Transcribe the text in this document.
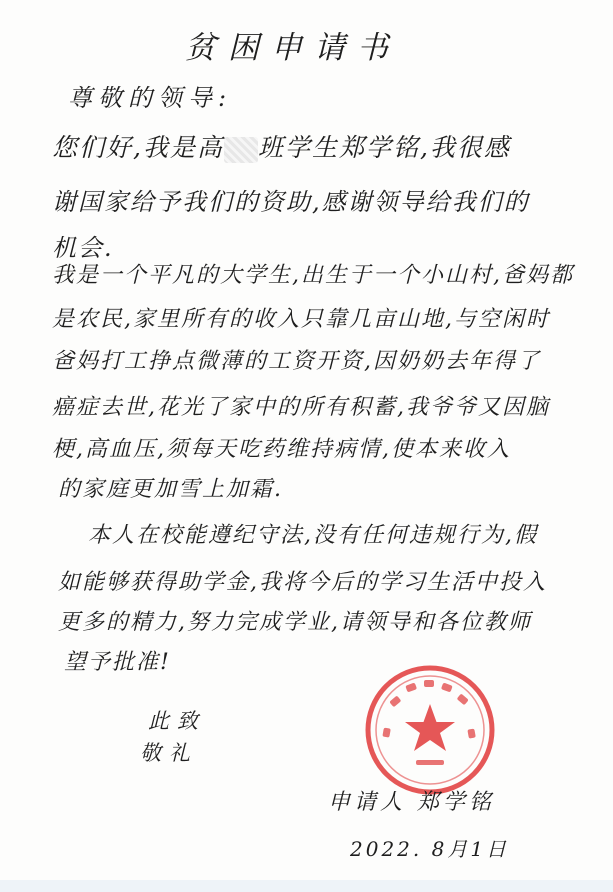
贫困申请书
尊敬的领导:
您们好,我是高 班学生郑学铭,我很感
谢国家给予我们的资助,感谢领导给我们的
机会.
我是一个平凡的大学生,出生于一个小山村,爸妈都
是农民,家里所有的收入只靠几亩山地,与空闲时
爸妈打工挣点微薄的工资开资,因奶奶去年得了
癌症去世,花光了家中的所有积蓄,我爷爷又因脑
梗,高血压,须每天吃药维持病情,使本来收入
的家庭更加雪上加霜.
本人在校能遵纪守法,没有任何违规行为,假
如能够获得助学金,我将今后的学习生活中投入
更多的精力,努力完成学业,请领导和各位教师
望予批准!
此致
敬礼
申请人 郑学铭
2022. 8月1日
